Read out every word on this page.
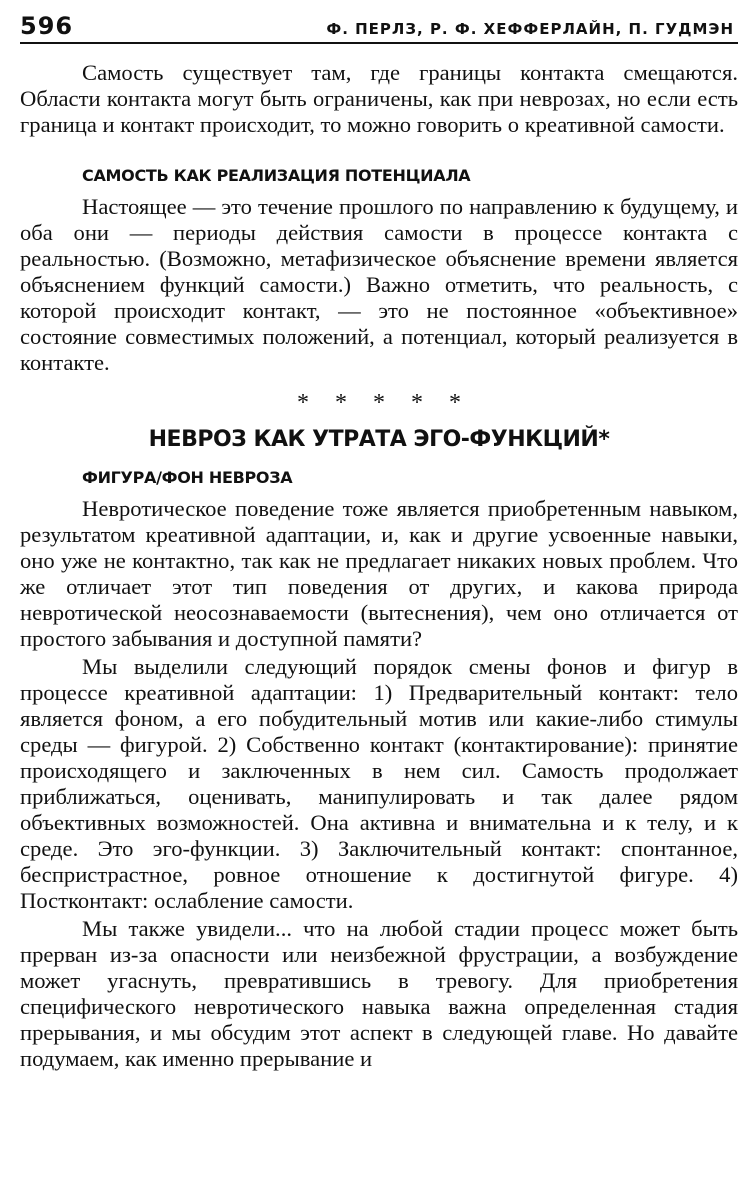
596	Ф. ПЕРЛЗ, Р. Ф. ХЕФФЕРЛАЙН, П. ГУДМЭН

Самость существует там, где границы контакта смещаются. Области контакта могут быть ограничены, как при неврозах, но если есть граница и контакт происходит, то можно говорить о креативной самости.

САМОСТЬ КАК РЕАЛИЗАЦИЯ ПОТЕНЦИАЛА

Настоящее — это течение прошлого по направлению к будущему, и оба они — периоды действия самости в процессе контакта с реальностью. (Возможно, метафизическое объяснение времени является объяснением функций самости.) Важно отметить, что реальность, с которой происходит контакт, — это не постоянное «объективное» состояние совместимых положений, а потенциал, который реализуется в контакте.

* * * * *
НЕВРОЗ КАК УТРАТА ЭГО-ФУНКЦИЙ*
ФИГУРА/ФОН НЕВРОЗА

Невротическое поведение тоже является приобретенным навыком, результатом креативной адаптации, и, как и другие усвоенные навыки, оно уже не контактно, так как не предлагает никаких новых проблем. Что же отличает этот тип поведения от других, и какова природа невротической неосознаваемости (вытеснения), чем оно отличается от простого забывания и доступной памяти?

Мы выделили следующий порядок смены фонов и фигур в процессе креативной адаптации: 1) Предварительный контакт: тело является фоном, а его побудительный мотив или какие-либо стимулы среды — фигурой. 2) Собственно контакт (контактирование): принятие происходящего и заключенных в нем сил. Самость продолжает приближаться, оценивать, манипулировать и так далее рядом объективных возможностей. Она активна и внимательна и к телу, и к среде. Это эго-функции. 3) Заключительный контакт: спонтанное, беспристрастное, ровное отношение к достигнутой фигуре. 4) Постконтакт: ослабление самости.

Мы также увидели... что на любой стадии процесс может быть прерван из-за опасности или неизбежной фрустрации, а возбуждение может угаснуть, превратившись в тревогу. Для приобретения специфического невротического навыка важна определенная стадия прерывания, и мы обсудим этот аспект в следующей главе. Но давайте подумаем, как именно прерывание и
